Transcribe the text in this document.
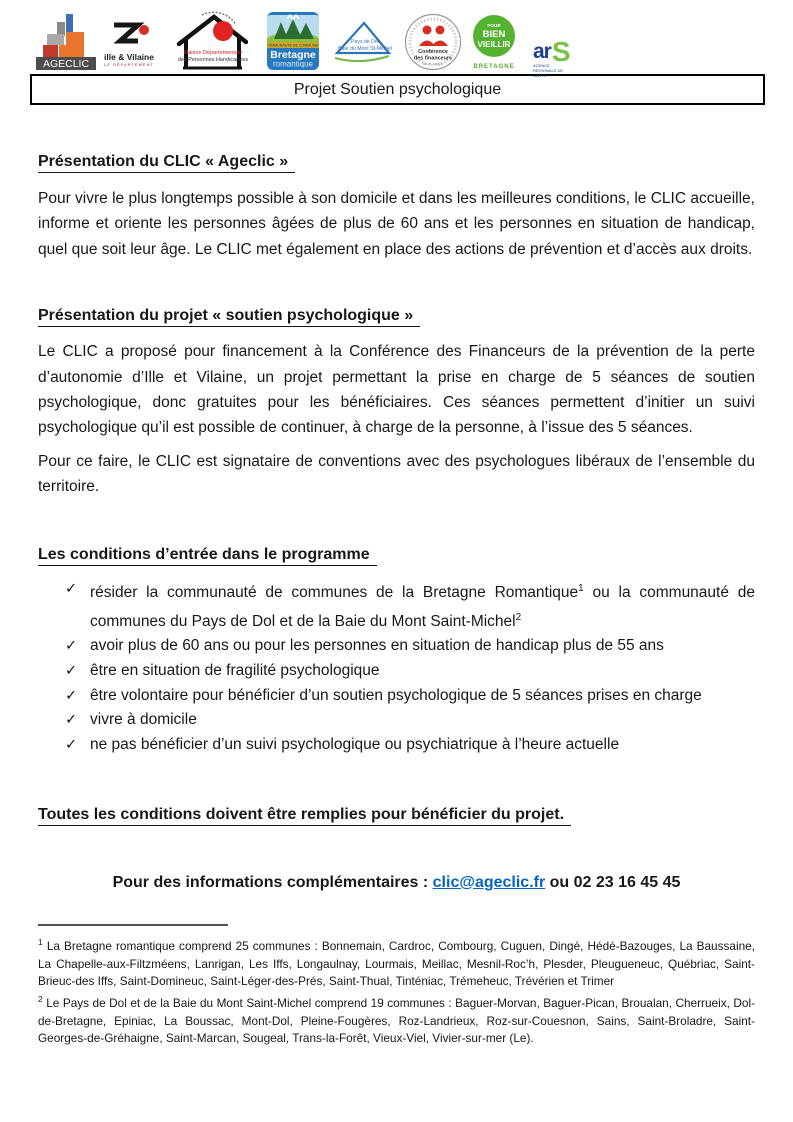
AGECLIC
ille & Vilaine
LE DÉPARTEMENT
Maison Départementale
des Personnes Handicapées
COMMUNAUTÉ DE COMMUNES
Bretagne
romantique
Pays de Dol
Baie du Mont St-Michel	Conférence
des financeurs
Ille-et-Vilaine
POUR
BIEN
VIEILLIR
BRETAGNE
ar S
AGENCE RÉGIONALE DE SANTÉ
Projet Soutien psychologique
Présentation du CLIC « Ageclic »

Pour vivre le plus longtemps possible à son domicile et dans les meilleures conditions, le CLIC accueille, informe et oriente les personnes âgées de plus de 60 ans et les personnes en situation de handicap, quel que soit leur âge. Le CLIC met également en place des actions de prévention et d’accès aux droits.

Présentation du projet « soutien psychologique »

Le CLIC a proposé pour financement à la Conférence des Financeurs de la prévention de la perte d’autonomie d’Ille et Vilaine, un projet permettant la prise en charge de 5 séances de soutien psychologique, donc gratuites pour les bénéficiaires. Ces séances permettent d’initier un suivi psychologique qu’il est possible de continuer, à charge de la personne, à l’issue des 5 séances.

Pour ce faire, le CLIC est signataire de conventions avec des psychologues libéraux de l’ensemble du territoire.

Les conditions d’entrée dans le programme
✓ résider la communauté de communes de la Bretagne Romantique$^1$ ou la communauté de communes du Pays de Dol et de la Baie du Mont Saint-Michel$^2$
✓ avoir plus de 60 ans ou pour les personnes en situation de handicap plus de 55 ans
✓ être en situation de fragilité psychologique
✓ être volontaire pour bénéficier d’un soutien psychologique de 5 séances prises en charge
✓ vivre à domicile
✓ ne pas bénéficier d’un suivi psychologique ou psychiatrique à l’heure actuelle
Toutes les conditions doivent être remplies pour bénéficier du projet.

Pour des informations complémentaires : clic@ageclic.fr ou 02 23 16 45 45

$^1$ La Bretagne romantique comprend 25 communes : Bonnemain, Cardroc, Combourg, Cuguen, Dingé, Hédé-Bazouges, La Baussaine, La Chapelle-aux-Filtzméens, Lanrigan, Les Iffs, Longaulnay, Lourmais, Meillac, Mesnil-Roc’h, Plesder, Pleugueneuc, Québriac, Saint-Brieuc-des Iffs, Saint-Domineuc, Saint-Léger-des-Prés, Saint-Thual, Tinténiac, Trémeheuc, Trévérien et Trimer

$^2$ Le Pays de Dol et de la Baie du Mont Saint-Michel comprend 19 communes : Baguer-Morvan, Baguer-Pican, Broualan, Cherrueix, Dol-de-Bretagne, Epiniac, La Boussac, Mont-Dol, Pleine-Fougères, Roz-Landrieux, Roz-sur-Couesnon, Sains, Saint-Broladre, Saint-Georges-de-Gréhaigne, Saint-Marcan, Sougeal, Trans-la-Forêt, Vieux-Viel, Vivier-sur-mer (Le).
